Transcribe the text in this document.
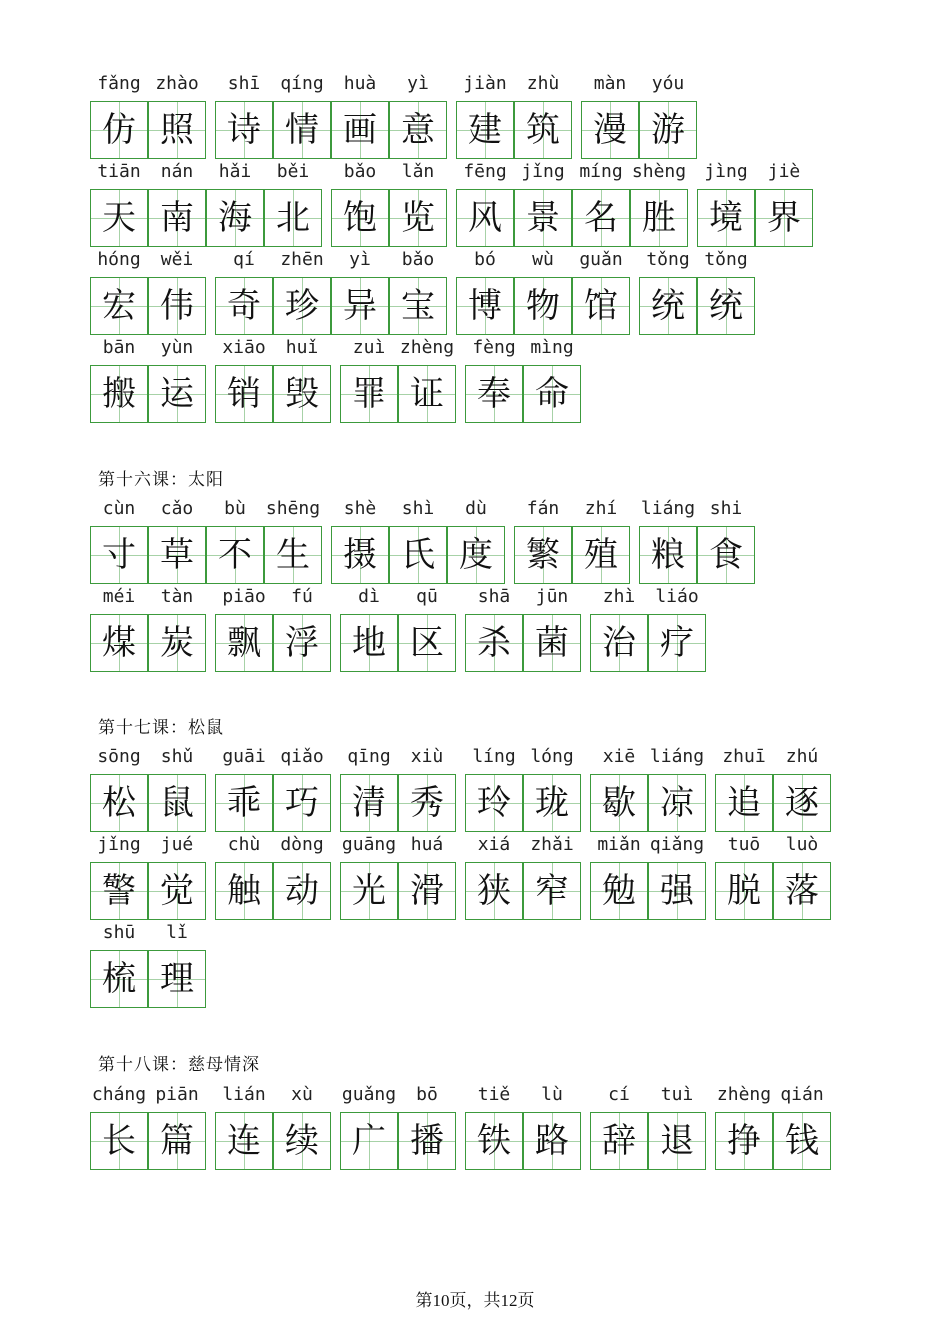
fǎng
仿
zhào
照
shī
诗
qíng
情
huà
画
yì
意
jiàn
建
zhù
筑
màn
漫
yóu
游
tiān
天
nán
南
hǎi
海
běi
北
bǎo
饱
lǎn
览
fēng
风
jǐng
景
míng
名
shèng
胜
jìng
境
jiè
界
hóng
宏
wěi
伟
qí
奇
zhēn
珍
yì
异
bǎo
宝
bó
博
wù
物
guǎn
馆
tǒng
统
tǒng
统
bān
搬
yùn
运
xiāo
销
huǐ
毁
zuì
罪
zhèng
证
fèng
奉
mìng
命
第十六课：太阳
cùn
寸
cǎo
草
bù
不
shēng
生
shè
摄
shì
氏
dù
度
fán
繁
zhí
殖
liáng
粮
shi
食
méi
煤
tàn
炭
piāo
飘
fú
浮
dì
地
qū
区
shā
杀
jūn
菌
zhì
治
liáo
疗
第十七课：松鼠
sōng
松
shǔ
鼠
guāi
乖
qiǎo
巧
qīng
清
xiù
秀
líng
玲
lóng
珑
xiē
歇
liáng
凉
zhuī
追
zhú
逐
jǐng
警
jué
觉
chù
触
dòng
动
guāng
光
huá
滑
xiá
狭
zhǎi
窄
miǎn
勉
qiǎng
强
tuō
脱
luò
落
shū
梳
lǐ
理
第十八课：慈母情深
cháng
长
piān
篇
lián
连
xù
续
guǎng
广
bō
播
tiě
铁
lù
路
cí
辞
tuì
退
zhèng
挣
qián
钱
第10页，共12页
